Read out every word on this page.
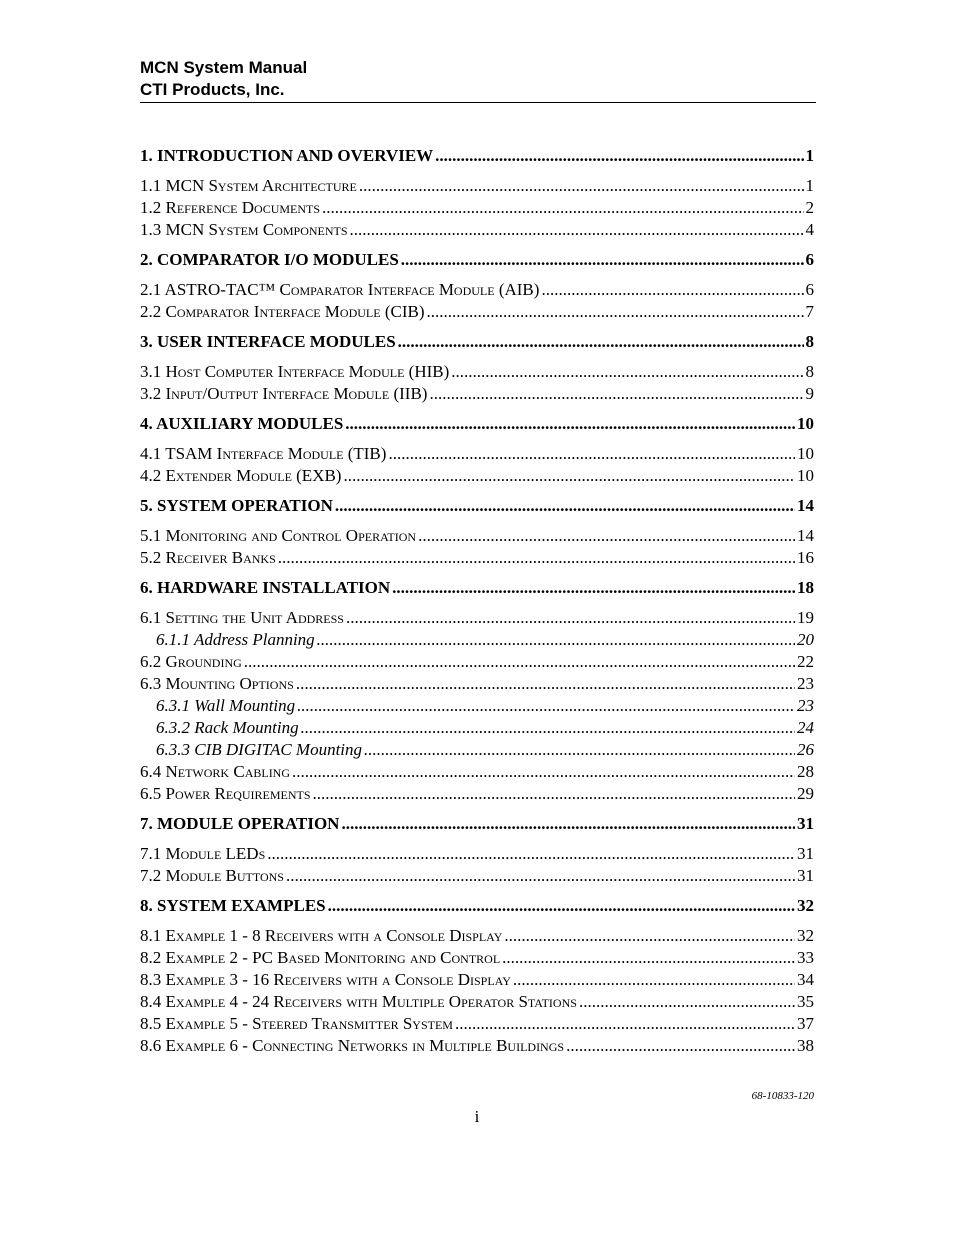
MCN System Manual
CTI Products, Inc.
1. INTRODUCTION AND OVERVIEW .....	1
1.1 MCN System Architecture .....	1
1.2 Reference Documents .....	2
1.3 MCN System Components .....	4
2. COMPARATOR I/O MODULES .....	6
2.1 ASTRO-TAC™ Comparator Interface Module (AIB) .....	6
2.2 Comparator Interface Module (CIB) .....	7
3. USER INTERFACE MODULES .....	8
3.1 Host Computer Interface Module (HIB) .....	8
3.2 Input/Output Interface Module (IIB) .....	9
4. AUXILIARY MODULES .....	10
4.1 TSAM Interface Module (TIB) .....	10
4.2 Extender Module (EXB) .....	10
5. SYSTEM OPERATION .....	14
5.1 Monitoring and Control Operation .....	14
5.2 Receiver Banks .....	16
6. HARDWARE INSTALLATION .....	18
6.1 Setting the Unit Address .....	19
6.1.1 Address Planning .....	20
6.2 Grounding .....	22
6.3 Mounting Options .....	23
6.3.1 Wall Mounting .....	23
6.3.2 Rack Mounting .....	24
6.3.3 CIB DIGITAC Mounting .....	26
6.4 Network Cabling .....	28
6.5 Power Requirements .....	29
7. MODULE OPERATION .....	31
7.1 Module LEDs .....	31
7.2 Module Buttons .....	31
8. SYSTEM EXAMPLES .....	32
8.1 Example 1 - 8 Receivers with a Console Display .....	32
8.2 Example 2 - PC Based Monitoring and Control .....	33
8.3 Example 3 - 16 Receivers with a Console Display .....	34
8.4 Example 4 - 24 Receivers with Multiple Operator Stations .....	35
8.5 Example 5 - Steered Transmitter System .....	37
8.6 Example 6 - Connecting Networks in Multiple Buildings .....	38
68-10833-120
i
